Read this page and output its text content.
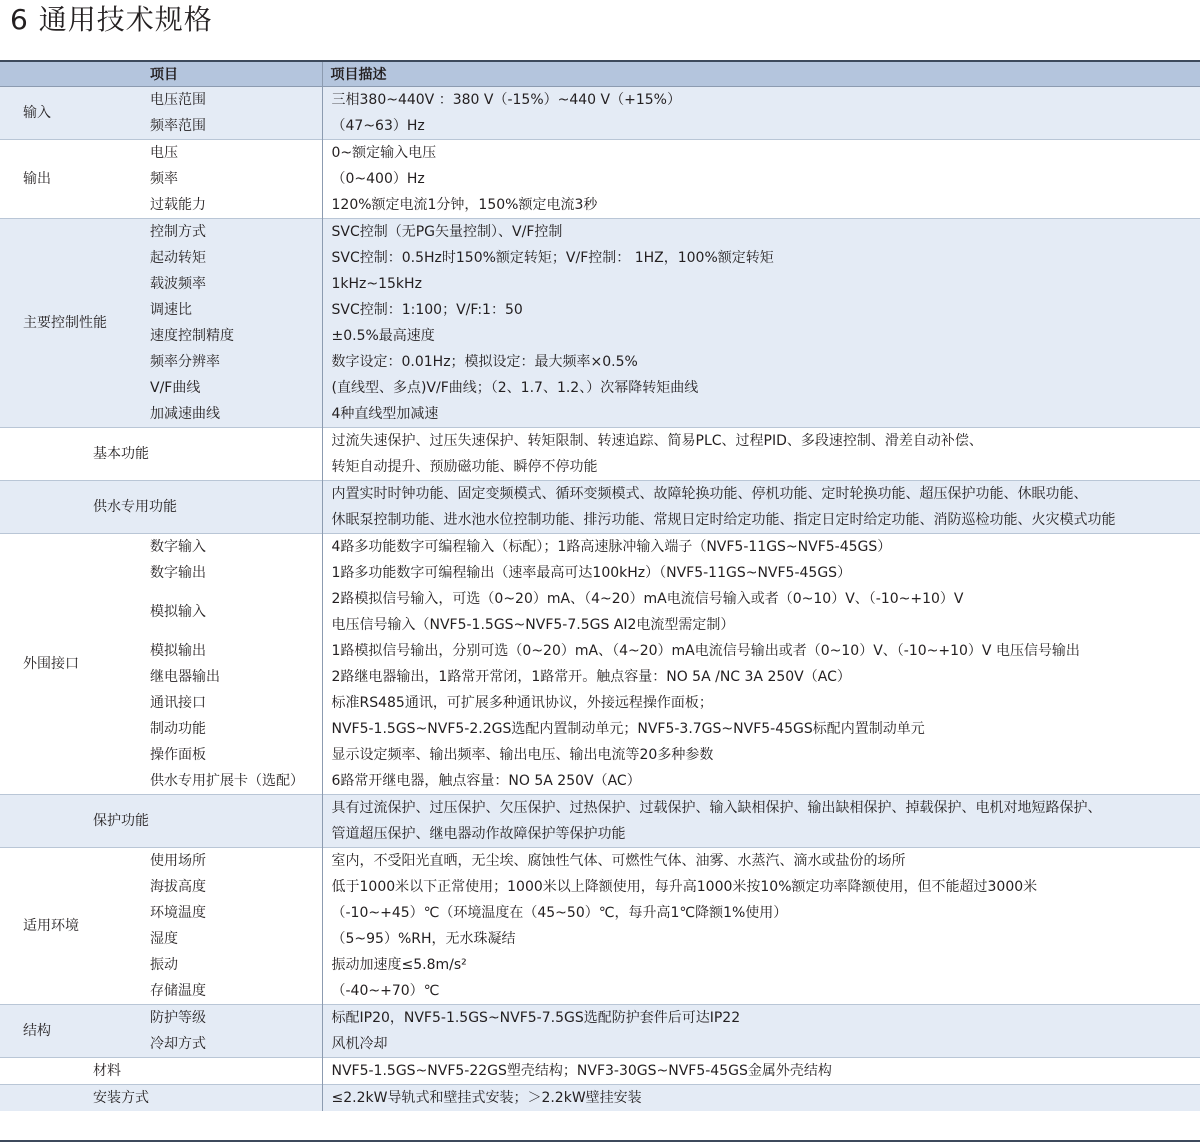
6 通用技术规格
项目		项目描述
输入	电压范围	三相380~440V ：380 V（-15%）~440 V（+15%）
	频率范围	（47~63）Hz
输出	电压	0~额定输入电压
	频率	（0~400）Hz
	过载能力	120%额定电流1分钟，150%额定电流3秒
主要控制性能	控制方式	SVC控制（无PG矢量控制）、V/F控制
	起动转矩	SVC控制：0.5Hz时150%额定转矩；V/F控制： 1HZ，100%额定转矩
	载波频率	1kHz~15kHz
	调速比	SVC控制：1:100；V/F:1：50
	速度控制精度	±0.5%最高速度
	频率分辨率	数字设定：0.01Hz；模拟设定：最大频率×0.5%
	V/F曲线	(直线型、多点)V/F曲线；（2、1.7、1.2、）次幂降转矩曲线
	加减速曲线	4种直线型加减速
基本功能		过流失速保护、过压失速保护、转矩限制、转速追踪、简易PLC、过程PID、多段速控制、滑差自动补偿、
转矩自动提升、预励磁功能、瞬停不停功能

供水专用功能		内置实时时钟功能、固定变频模式、循环变频模式、故障轮换功能、停机功能、定时轮换功能、超压保护功能、休眠功能、
休眠泵控制功能、进水池水位控制功能、排污功能、常规日定时给定功能、指定日定时给定功能、消防巡检功能、火灾模式功能

外围接口	数字输入	4路多功能数字可编程输入（标配）；1路高速脉冲输入端子（NVF5-11GS~NVF5-45GS）
	数字输出	1路多功能数字可编程输出（速率最高可达100kHz）（NVF5-11GS~NVF5-45GS）
	模拟输入	2路模拟信号输入，可选（0~20）mA、（4~20）mA电流信号输入或者（0~10）V、（-10~+10）V
电压信号输入（NVF5-1.5GS~NVF5-7.5GS AI2电流型需定制）

	模拟输出	1路模拟信号输出，分别可选（0~20）mA、（4~20）mA电流信号输出或者（0~10）V、（-10~+10）V 电压信号输出
	继电器输出	2路继电器输出，1路常开常闭，1路常开。触点容量：NO 5A /NC 3A 250V（AC）
	通讯接口	标准RS485通讯，可扩展多种通讯协议，外接远程操作面板；
	制动功能	NVF5-1.5GS~NVF5-2.2GS选配内置制动单元；NVF5-3.7GS~NVF5-45GS标配内置制动单元
	操作面板	显示设定频率、输出频率、输出电压、输出电流等20多种参数
	供水专用扩展卡（选配）	6路常开继电器，触点容量：NO 5A 250V（AC）
保护功能		具有过流保护、过压保护、欠压保护、过热保护、过载保护、输入缺相保护、输出缺相保护、掉载保护、电机对地短路保护、
管道超压保护、继电器动作故障保护等保护功能

适用环境	使用场所	室内，不受阳光直晒，无尘埃、腐蚀性气体、可燃性气体、油雾、水蒸汽、滴水或盐份的场所
	海拔高度	低于1000米以下正常使用；1000米以上降额使用，每升高1000米按10%额定功率降额使用，但不能超过3000米
	环境温度	（-10~+45）℃（环境温度在（45~50）℃，每升高1℃降额1%使用）
	湿度	（5~95）%RH，无水珠凝结
	振动	振动加速度≤5.8m/s²
	存储温度	（-40~+70）℃
结构	防护等级	标配IP20，NVF5-1.5GS~NVF5-7.5GS选配防护套件后可达IP22
	冷却方式	风机冷却
材料		NVF5-1.5GS~NVF5-22GS塑壳结构；NVF3-30GS~NVF5-45GS金属外壳结构
安装方式		≤2.2kW导轨式和壁挂式安装；＞2.2kW壁挂安装
